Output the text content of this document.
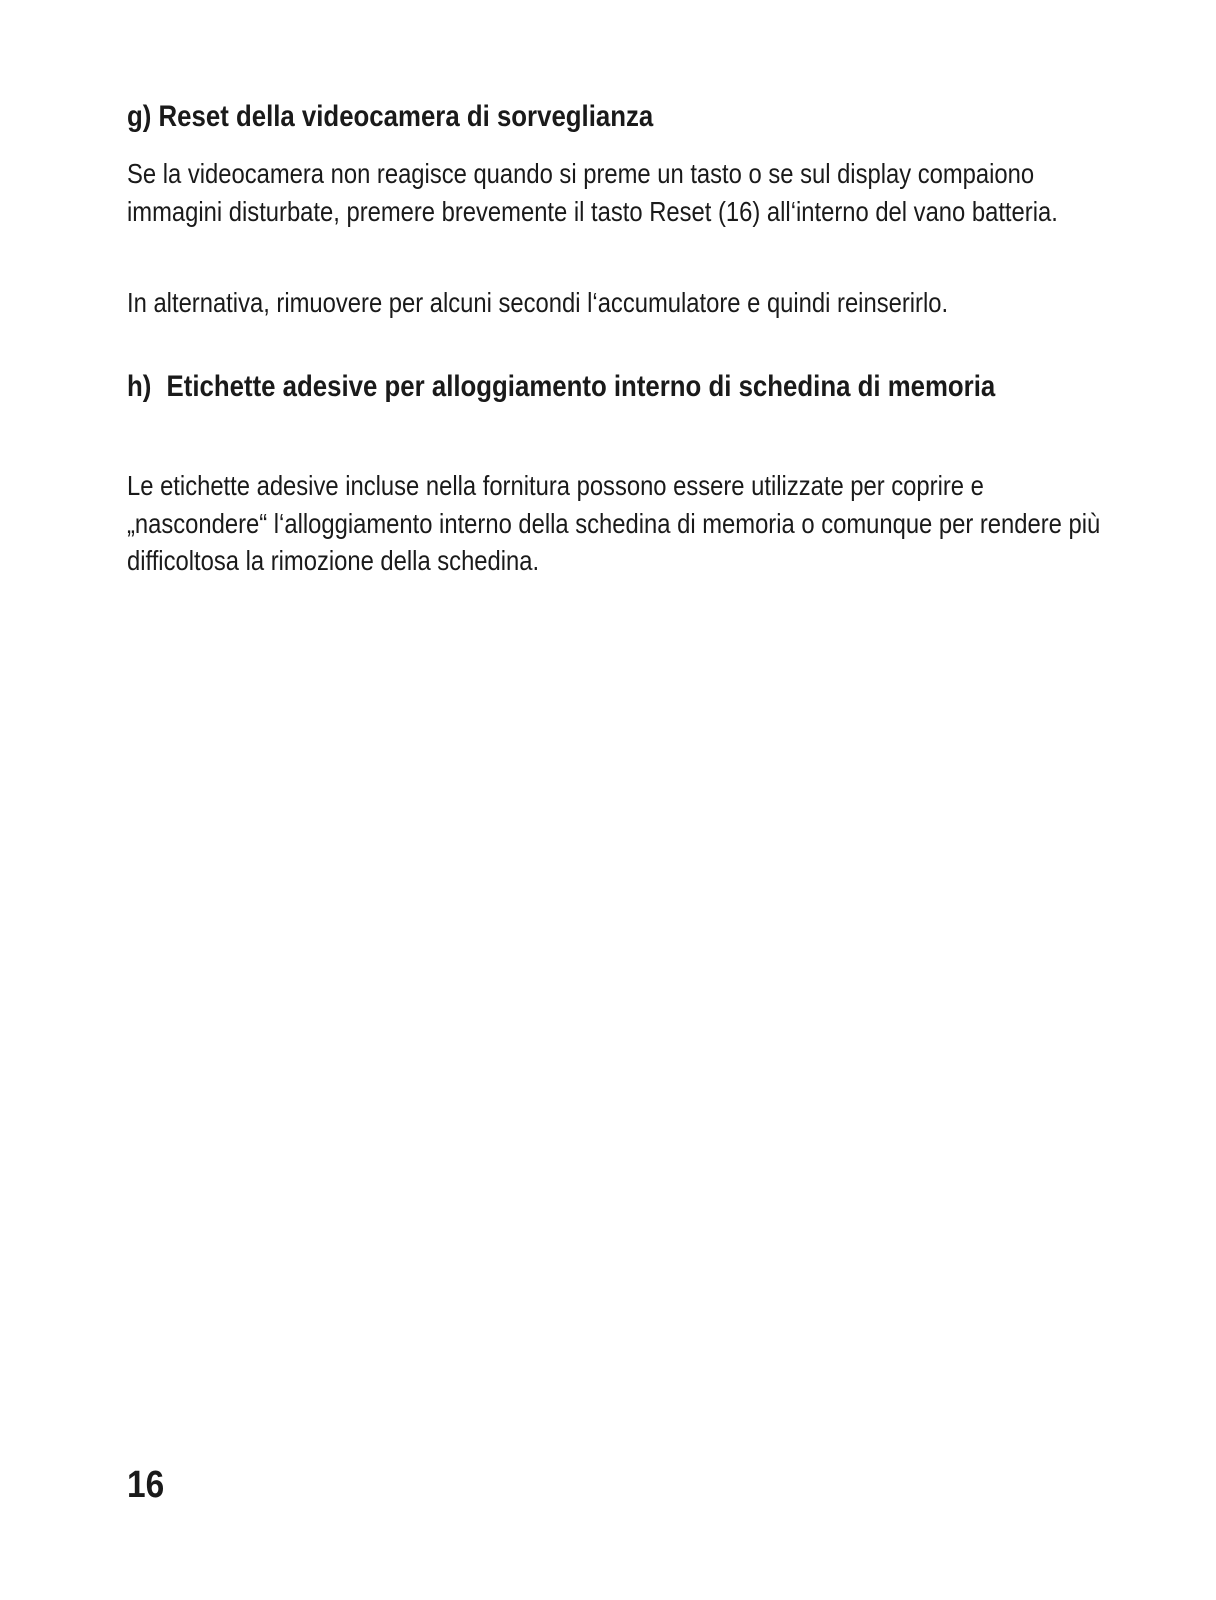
g) Reset della videocamera di sorveglianza

Se la videocamera non reagisce quando si preme un tasto o se sul display compaiono immagini disturbate, premere brevemente il tasto Reset (16) all‘interno del vano batteria.

In alternativa, rimuovere per alcuni secondi l‘accumulatore e quindi reinserirlo.

h) Etichette adesive per alloggiamento interno di schedina di memoria

Le etichette adesive incluse nella fornitura possono essere utilizzate per coprire e „nascondere“ l‘alloggiamento interno della schedina di memoria o comunque per rendere più difficoltosa la rimozione della schedina.

16
